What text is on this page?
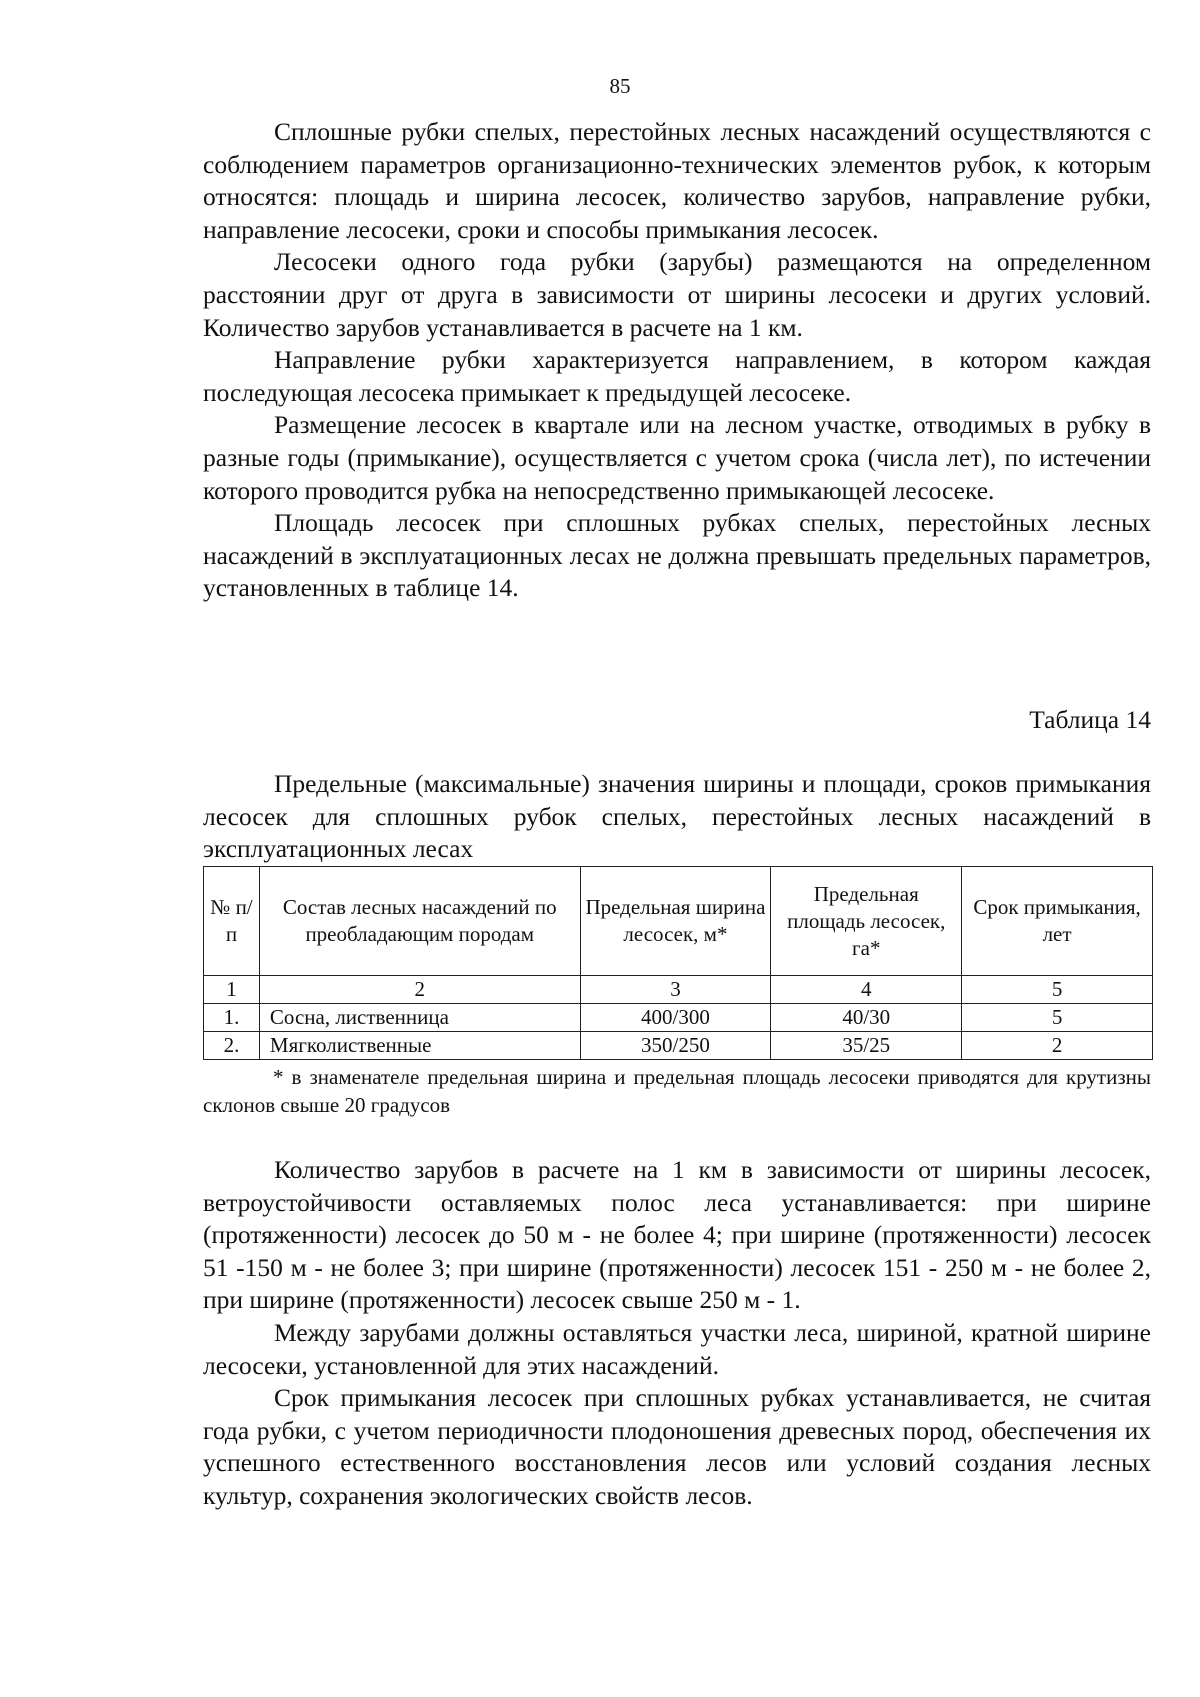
85

Сплошные рубки спелых, перестойных лесных насаждений осуществляются с соблюдением параметров организационно-технических элементов рубок, к которым относятся: площадь и ширина лесосек, количество зарубов, направление рубки, направление лесосеки, сроки и способы примыкания лесосек.

Лесосеки одного года рубки (зарубы) размещаются на определенном расстоянии друг от друга в зависимости от ширины лесосеки и других условий. Количество зарубов устанавливается в расчете на 1 км.

Направление рубки характеризуется направлением, в котором каждая последующая лесосека примыкает к предыдущей лесосеке.

Размещение лесосек в квартале или на лесном участке, отводимых в рубку в разные годы (примыкание), осуществляется с учетом срока (числа лет), по истечении которого проводится рубка на непосредственно примыкающей лесосеке.

Площадь лесосек при сплошных рубках спелых, перестойных лесных насаждений в эксплуатационных лесах не должна превышать предельных параметров, установленных в таблице 14.

Таблица 14

Предельные (максимальные) значения ширины и площади, сроков примыкания лесосек для сплошных рубок спелых, перестойных лесных насаждений в эксплуатационных лесах

№ п/п	Состав лесных насаждений по преобладающим породам	Предельная ширина лесосек, м*	Предельная площадь лесосек, га*	Срок примыкания, лет
1	2	3	4	5
1.	Сосна, лиственница	400/300	40/30	5
2.	Мягколиственные	350/250	35/25	2

* в знаменателе предельная ширина и предельная площадь лесосеки приводятся для крутизны склонов свыше 20 градусов

Количество зарубов в расчете на 1 км в зависимости от ширины лесосек, ветроустойчивости оставляемых полос леса устанавливается: при ширине (протяженности) лесосек до 50 м - не более 4; при ширине (протяженности) лесосек 51 -150 м - не более 3; при ширине (протяженности) лесосек 151 - 250 м - не более 2, при ширине (протяженности) лесосек свыше 250 м - 1.

Между зарубами должны оставляться участки леса, шириной, кратной ширине лесосеки, установленной для этих насаждений.

Срок примыкания лесосек при сплошных рубках устанавливается, не считая года рубки, с учетом периодичности плодоношения древесных пород, обеспечения их успешного естественного восстановления лесов или условий создания лесных культур, сохранения экологических свойств лесов.
